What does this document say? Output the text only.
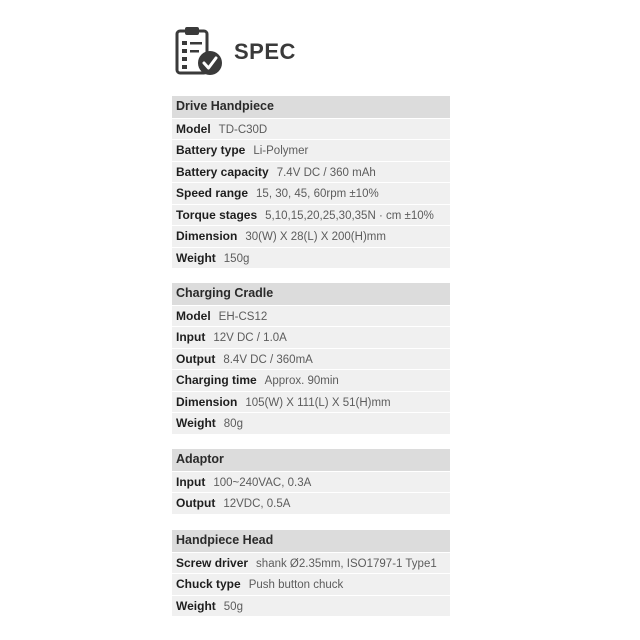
SPEC
Drive Handpiece
Model TD-C30D
Battery type Li-Polymer
Battery capacity 7.4V DC / 360 mAh
Speed range 15, 30, 45, 60rpm ±10%
Torque stages 5,10,15,20,25,30,35N · cm ±10%
Dimension 30(W) X 28(L) X 200(H)mm
Weight 150g
Charging Cradle
Model EH-CS12
Input 12V DC / 1.0A
Output 8.4V DC / 360mA
Charging time Approx. 90min
Dimension 105(W) X 111(L) X 51(H)mm
Weight 80g
Adaptor
Input 100~240VAC, 0.3A
Output 12VDC, 0.5A
Handpiece Head
Screw driver shank Ø2.35mm, ISO1797-1 Type1
Chuck type Push button chuck
Weight 50g
